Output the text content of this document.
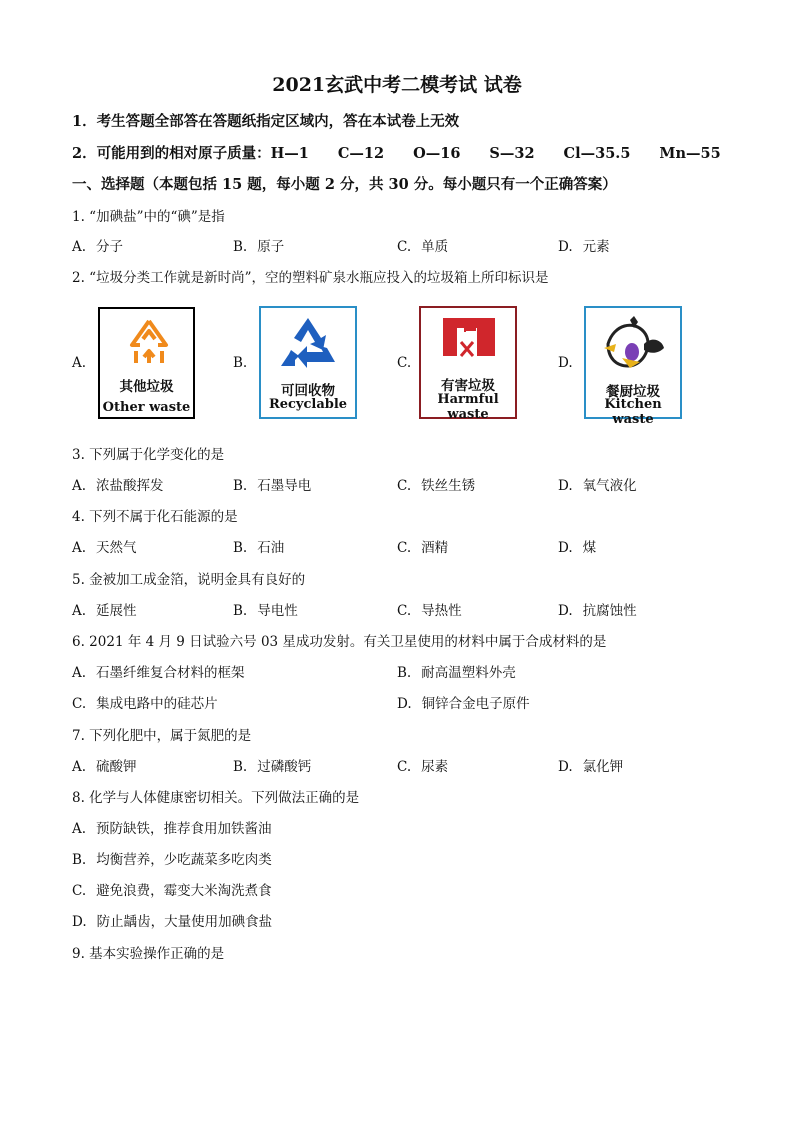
2021玄武中考二模考试 试卷
1．考生答题全部答在答题纸指定区域内，答在本试卷上无效
2．可能用到的相对原子质量：H—1　　C—12　　O—16　　S—32　　Cl—35.5　　Mn—55
一、选择题（本题包括 15 题，每小题 2 分，共 30 分。每小题只有一个正确答案）
1. “加碘盐”中的“碘”是指
A. 分子	B. 原子	C. 单质	D. 元素
2. “垃圾分类工作就是新时尚”，空的塑料矿泉水瓶应投入的垃圾箱上所印标识是
A.
其他垃圾
Other waste
B.
可回收物
Recyclable
C.
有害垃圾
Harmful waste
D.
餐厨垃圾
Kitchen waste
3. 下列属于化学变化的是
A. 浓盐酸挥发	B. 石墨导电	C. 铁丝生锈	D. 氧气液化
4. 下列不属于化石能源的是
A. 天然气	B. 石油	C. 酒精	D. 煤
5. 金被加工成金箔，说明金具有良好的
A. 延展性	B. 导电性	C. 导热性	D. 抗腐蚀性
6. 2021 年 4 月 9 日试验六号 03 星成功发射。有关卫星使用的材料中属于合成材料的是
A. 石墨纤维复合材料的框架	B. 耐高温塑料外壳
C. 集成电路中的硅芯片	D. 铜锌合金电子原件
7. 下列化肥中，属于氮肥的是
A. 硫酸钾	B. 过磷酸钙	C. 尿素	D. 氯化钾
8. 化学与人体健康密切相关。下列做法正确的是
A. 预防缺铁，推荐食用加铁酱油
B. 均衡营养，少吃蔬菜多吃肉类
C. 避免浪费，霉变大米淘洗煮食
D. 防止龋齿，大量使用加碘食盐
9. 基本实验操作正确的是
